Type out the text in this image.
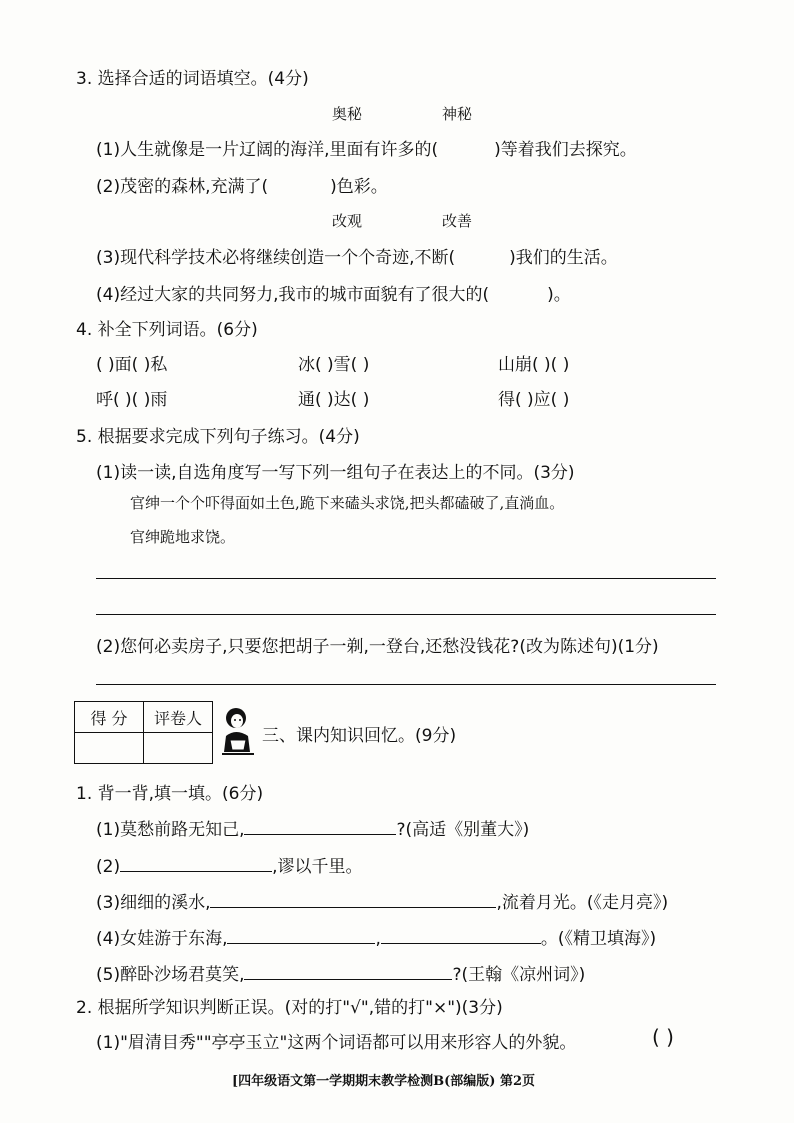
3. 选择合适的词语填空。(4分)
奥秘	神秘
(1)人生就像是一片辽阔的海洋,里面有许多的(	)等着我们去探究。
(2)茂密的森林,充满了(	)色彩。
改观	改善
(3)现代科学技术必将继续创造一个个奇迹,不断(	)我们的生活。
(4)经过大家的共同努力,我市的城市面貌有了很大的(	)。
4. 补全下列词语。(6分)
( )面( )私	冰( )雪( )	山崩( )( )
呼( )( )雨	通( )达( )	得( )应( )
5. 根据要求完成下列句子练习。(4分)
(1)读一读,自选角度写一写下列一组句子在表达上的不同。(3分)
官绅一个个吓得面如土色,跪下来磕头求饶,把头都磕破了,直淌血。
官绅跪地求饶。
(2)您何必卖房子,只要您把胡子一剃,一登台,还愁没钱花?(改为陈述句)(1分)
得 分	评卷人

三、课内知识回忆。(9分)
1. 背一背,填一填。(6分)
(1)莫愁前路无知己,	?(高适《别董大》)
(2)	,谬以千里。
(3)细细的溪水,	,流着月光。(《走月亮》)
(4)女娃游于东海,	,	。(《精卫填海》)
(5)醉卧沙场君莫笑,	?(王翰《凉州词》)
2. 根据所学知识判断正误。(对的打"√",错的打"×")(3分)
(1)"眉清目秀""亭亭玉立"这两个词语都可以用来形容人的外貌。	( )
[四年级语文第一学期期末教学检测B(部编版) 第2页
